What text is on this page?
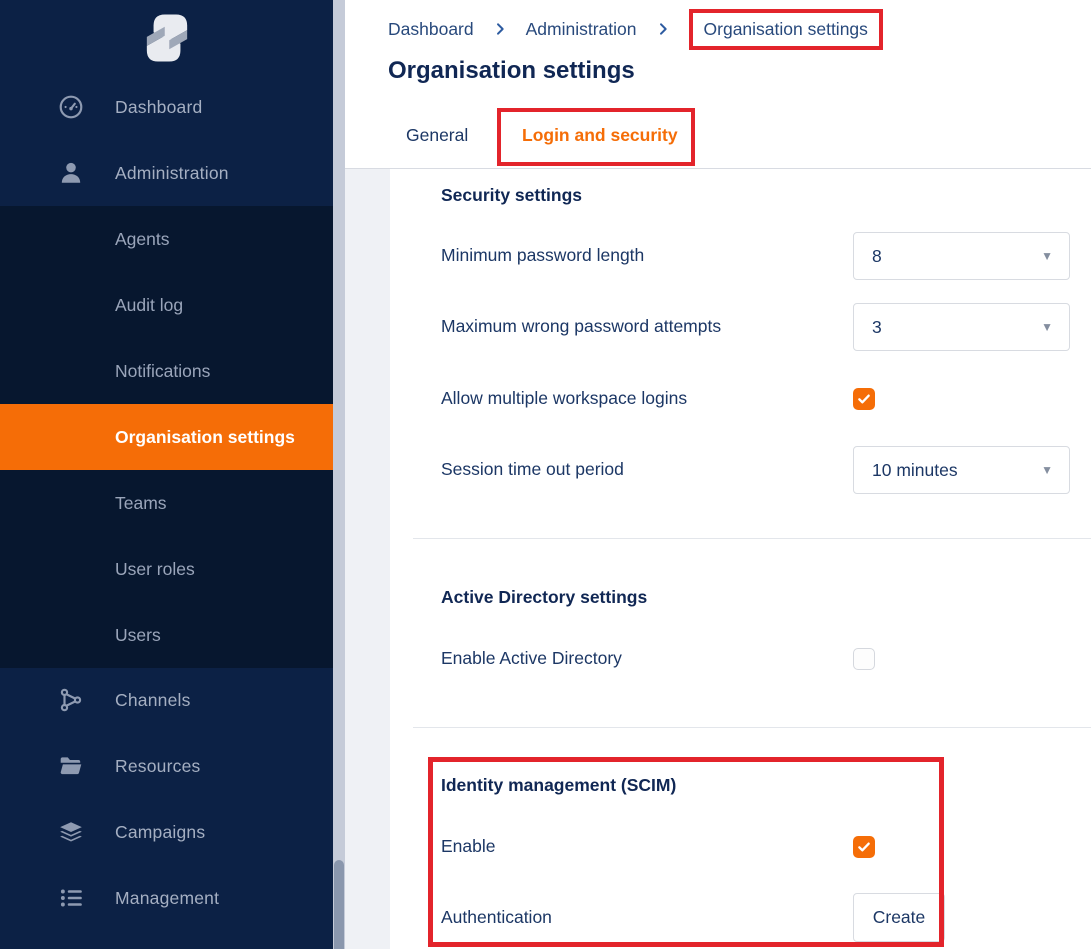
Dashboard
Administration
Agents
Audit log
Notifications
Organisation settings
Teams
User roles
Users
Channels
Resources
Campaigns
Management
Dashboard	Administration	Organisation settings
Organisation settings
General	Login and security
Security settings
Minimum password length	8	▼
Maximum wrong password attempts	3	▼
Allow multiple workspace logins
Session time out period	10 minutes	▼
Active Directory settings
Enable Active Directory
Identity management (SCIM)
Enable
Authentication	Create
